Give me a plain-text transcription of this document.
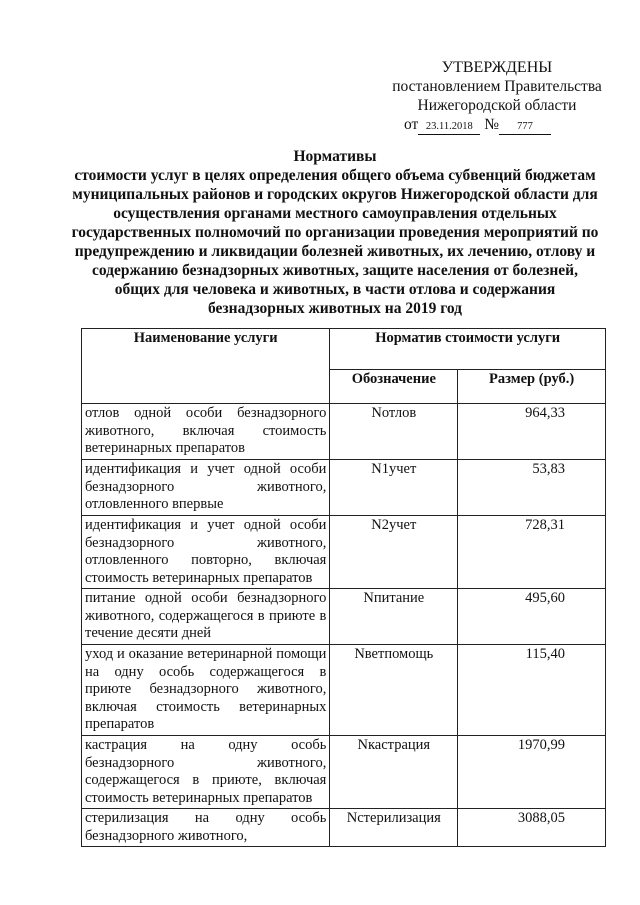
УТВЕРЖДЕНЫ
постановлением Правительства
Нижегородской области
от 23.11.2018 № 777
Нормативы
стоимости услуг в целях определения общего объема субвенций бюджетам муниципальных районов и городских округов Нижегородской области для осуществления органами местного самоуправления отдельных государственных полномочий по организации проведения мероприятий по предупреждению и ликвидации болезней животных, их лечению, отлову и содержанию безнадзорных животных, защите населения от болезней, общих для человека и животных, в части отлова и содержания безнадзорных животных на 2019 год
Наименование услуги	Норматив стоимости услуги	
	Обозначение	Размер (руб.)
отлов одной особи безнадзорного животного, включая стоимость ветеринарных препаратов	Nотлов	964,33
идентификация и учет одной особи безнадзорного животного, отловленного впервые	N1учет	53,83
идентификация и учет одной особи безнадзорного животного, отловленного повторно, включая стоимость ветеринарных препаратов	N2учет	728,31
питание одной особи безнадзорного животного, содержащегося в приюте в течение десяти дней	Nпитание	495,60
уход и оказание ветеринарной помощи на одну особь содержащегося в приюте безнадзорного животного, включая стоимость ветеринарных препаратов	Nветпомощь	115,40
кастрация на одну особь безнадзорного животного, содержащегося в приюте, включая стоимость ветеринарных препаратов	Nкастрация	1970,99
стерилизация на одну особь безнадзорного животного,	Nстерилизация	3088,05
